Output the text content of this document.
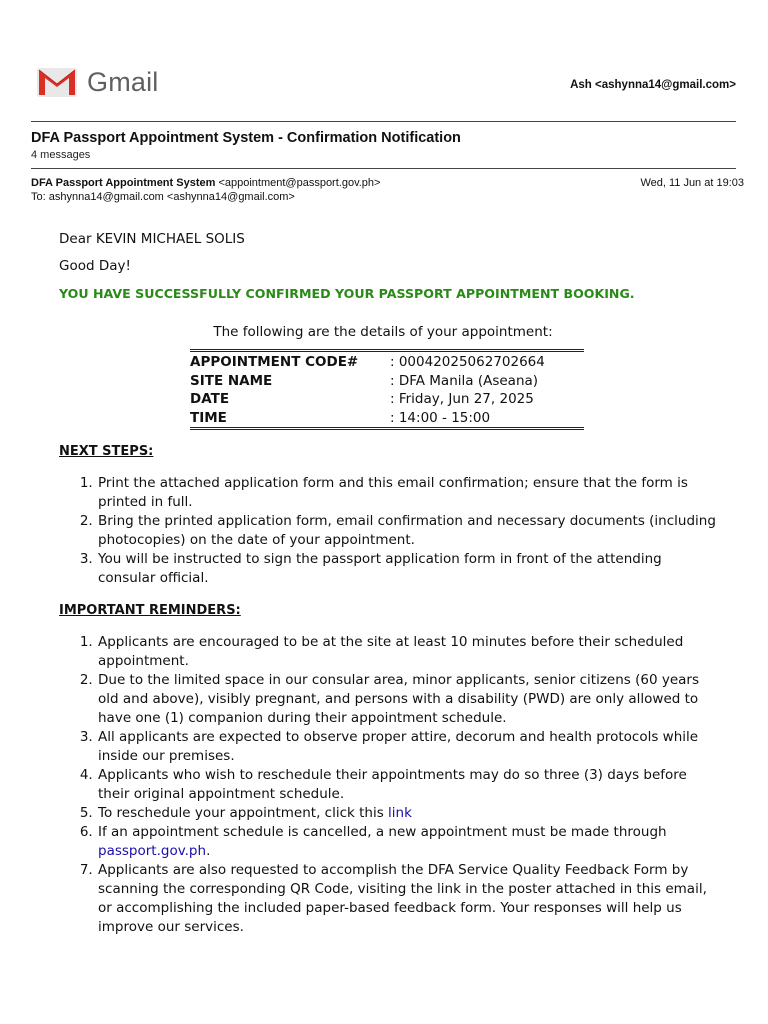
Gmail	Ash <ashynna14@gmail.com>
DFA Passport Appointment System - Confirmation Notification
4 messages
DFA Passport Appointment System <appointment@passport.gov.ph>	Wed, 11 Jun at 19:03
To: ashynna14@gmail.com <ashynna14@gmail.com>

Dear KEVIN MICHAEL SOLIS

Good Day!

YOU HAVE SUCCESSFULLY CONFIRMED YOUR PASSPORT APPOINTMENT BOOKING.

The following are the details of your appointment:

APPOINTMENT CODE#	: 00042025062702664
SITE NAME	: DFA Manila (Aseana)
DATE	: Friday, Jun 27, 2025
TIME	: 14:00 - 15:00

NEXT STEPS:

1. Print the attached application form and this email confirmation; ensure that the form is printed in full.
2. Bring the printed application form, email confirmation and necessary documents (including photocopies) on the date of your appointment.
3. You will be instructed to sign the passport application form in front of the attending consular official.

IMPORTANT REMINDERS:

1. Applicants are encouraged to be at the site at least 10 minutes before their scheduled appointment.
2. Due to the limited space in our consular area, minor applicants, senior citizens (60 years old and above), visibly pregnant, and persons with a disability (PWD) are only allowed to have one (1) companion during their appointment schedule.
3. All applicants are expected to observe proper attire, decorum and health protocols while inside our premises.
4. Applicants who wish to reschedule their appointments may do so three (3) days before their original appointment schedule.
5. To reschedule your appointment, click this link
6. If an appointment schedule is cancelled, a new appointment must be made through passport.gov.ph.
7. Applicants are also requested to accomplish the DFA Service Quality Feedback Form by scanning the corresponding QR Code, visiting the link in the poster attached in this email, or accomplishing the included paper-based feedback form. Your responses will help us improve our services.
